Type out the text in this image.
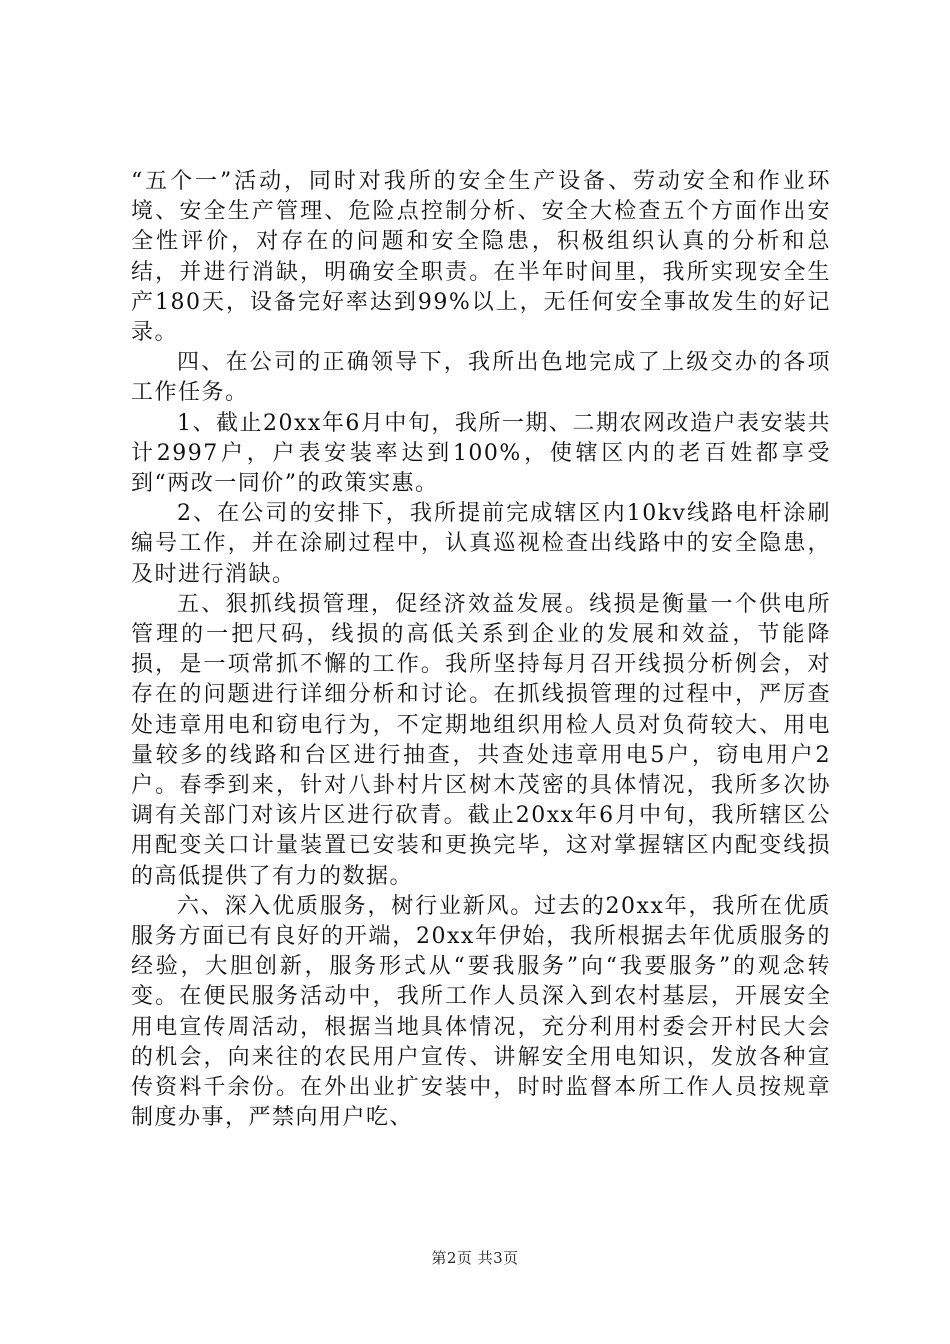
“五个一”活动，同时对我所的安全生产设备、劳动安全和作业环境、安全生产管理、危险点控制分析、安全大检查五个方面作出安全性评价，对存在的问题和安全隐患，积极组织认真的分析和总结，并进行消缺，明确安全职责。在半年时间里，我所实现安全生产180天，设备完好率达到99%以上，无任何安全事故发生的好记录。

四、在公司的正确领导下，我所出色地完成了上级交办的各项工作任务。

1、截止20xx年6月中旬，我所一期、二期农网改造户表安装共计2997户，户表安装率达到100%，使辖区内的老百姓都享受到“两改一同价”的政策实惠。

2、在公司的安排下，我所提前完成辖区内10kv线路电杆涂刷编号工作，并在涂刷过程中，认真巡视检查出线路中的安全隐患，及时进行消缺。

五、狠抓线损管理，促经济效益发展。线损是衡量一个供电所管理的一把尺码，线损的高低关系到企业的发展和效益，节能降损，是一项常抓不懈的工作。我所坚持每月召开线损分析例会，对存在的问题进行详细分析和讨论。在抓线损管理的过程中，严厉查处违章用电和窃电行为，不定期地组织用检人员对负荷较大、用电量较多的线路和台区进行抽查，共查处违章用电5户，窃电用户2户。春季到来，针对八卦村片区树木茂密的具体情况，我所多次协调有关部门对该片区进行砍青。截止20xx年6月中旬，我所辖区公用配变关口计量装置已安装和更换完毕，这对掌握辖区内配变线损的高低提供了有力的数据。

六、深入优质服务，树行业新风。过去的20xx年，我所在优质服务方面已有良好的开端，20xx年伊始，我所根据去年优质服务的经验，大胆创新，服务形式从“要我服务”向“我要服务”的观念转变。在便民服务活动中，我所工作人员深入到农村基层，开展安全用电宣传周活动，根据当地具体情况，充分利用村委会开村民大会的机会，向来往的农民用户宣传、讲解安全用电知识，发放各种宣传资料千余份。在外出业扩安装中，时时监督本所工作人员按规章制度办事，严禁向用户吃、

第2页 共3页
